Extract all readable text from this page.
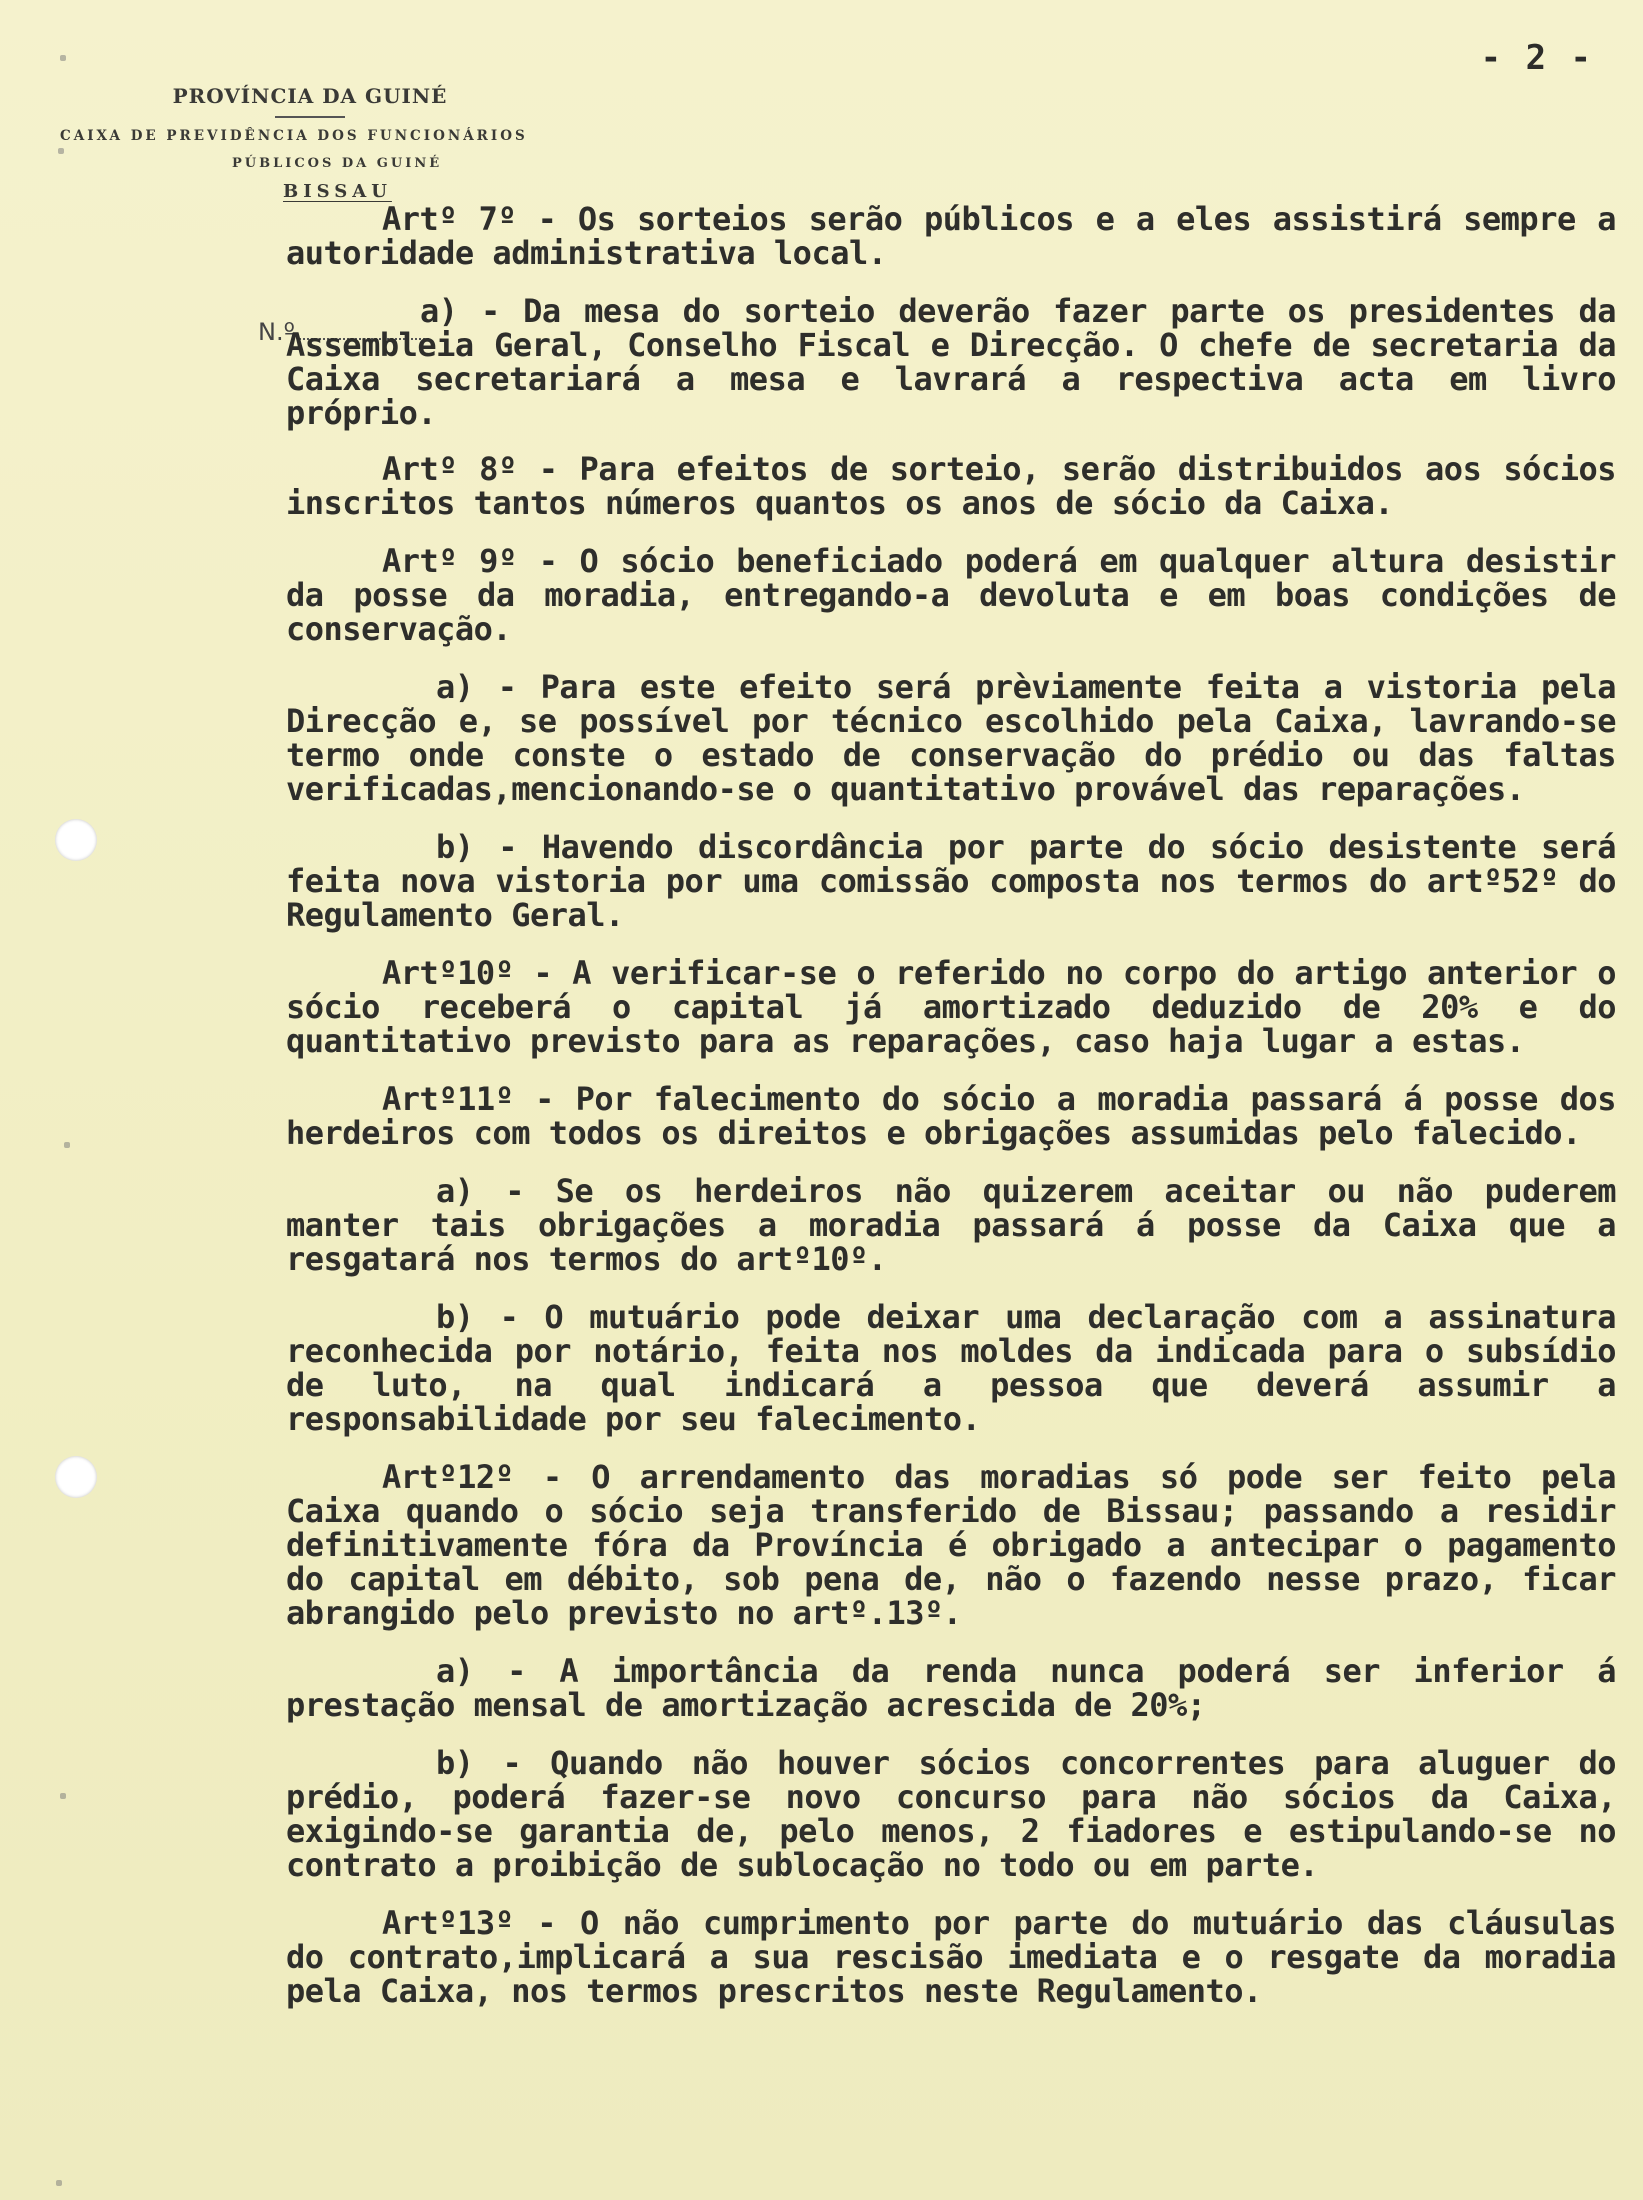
- 2 -
PROVÍNCIA DA GUINÉ
CAIXA DE PREVIDÊNCIA DOS FUNCIONÁRIOS
PÚBLICOS DA GUINÉ
BISSAU
N.º

Artº 7º - Os sorteios serão públicos e a eles assistirá sempre a autoridade administrativa local.

a) - Da mesa do sorteio deverão fazer parte os presidentes da Assembleia Geral, Conselho Fiscal e Direcção. O chefe de secretaria da Caixa secretariará a mesa e lavrará a respectiva acta em livro próprio.

Artº 8º - Para efeitos de sorteio, serão distribuidos aos sócios inscritos tantos números quantos os anos de sócio da Caixa.

Artº 9º - O sócio beneficiado poderá em qualquer altura desistir da posse da moradia, entregando-a devoluta e em boas condições de conservação.

a) - Para este efeito será prèviamente feita a vistoria pela Direcção e, se possível por técnico escolhido pela Caixa, lavrando-se termo onde conste o estado de conservação do prédio ou das faltas verificadas,mencionando-se o quantitativo provável das reparações.

b) - Havendo discordância por parte do sócio desistente será feita nova vistoria por uma comissão composta nos termos do artº52º do Regulamento Geral.

Artº10º - A verificar-se o referido no corpo do artigo anterior o sócio receberá o capital já amortizado deduzido de 20% e do quantitativo previsto para as reparações, caso haja lugar a estas.

Artº11º - Por falecimento do sócio a moradia passará á posse dos herdeiros com todos os direitos e obrigações assumidas pelo falecido.

a) - Se os herdeiros não quizerem aceitar ou não puderem manter tais obrigações a moradia passará á posse da Caixa que a resgatará nos termos do artº10º.

b) - O mutuário pode deixar uma declaração com a assinatura reconhecida por notário, feita nos moldes da indicada para o subsídio de luto, na qual indicará a pessoa que deverá assumir a responsabilidade por seu falecimento.

Artº12º - O arrendamento das moradias só pode ser feito pela Caixa quando o sócio seja transferido de Bissau; passando a residir definitivamente fóra da Província é obrigado a antecipar o pagamento do capital em débito, sob pena de, não o fazendo nesse prazo, ficar abrangido pelo previsto no artº.13º.

a) - A importância da renda nunca poderá ser inferior á prestação mensal de amortização acrescida de 20%;

b) - Quando não houver sócios concorrentes para aluguer do prédio, poderá fazer-se novo concurso para não sócios da Caixa, exigindo-se garantia de, pelo menos, 2 fiadores e estipulando-se no contrato a proibição de sublocação no todo ou em parte.

Artº13º - O não cumprimento por parte do mutuário das cláusulas do contrato,implicará a sua rescisão imediata e o resgate da moradia pela Caixa, nos termos prescritos neste Regulamento.
